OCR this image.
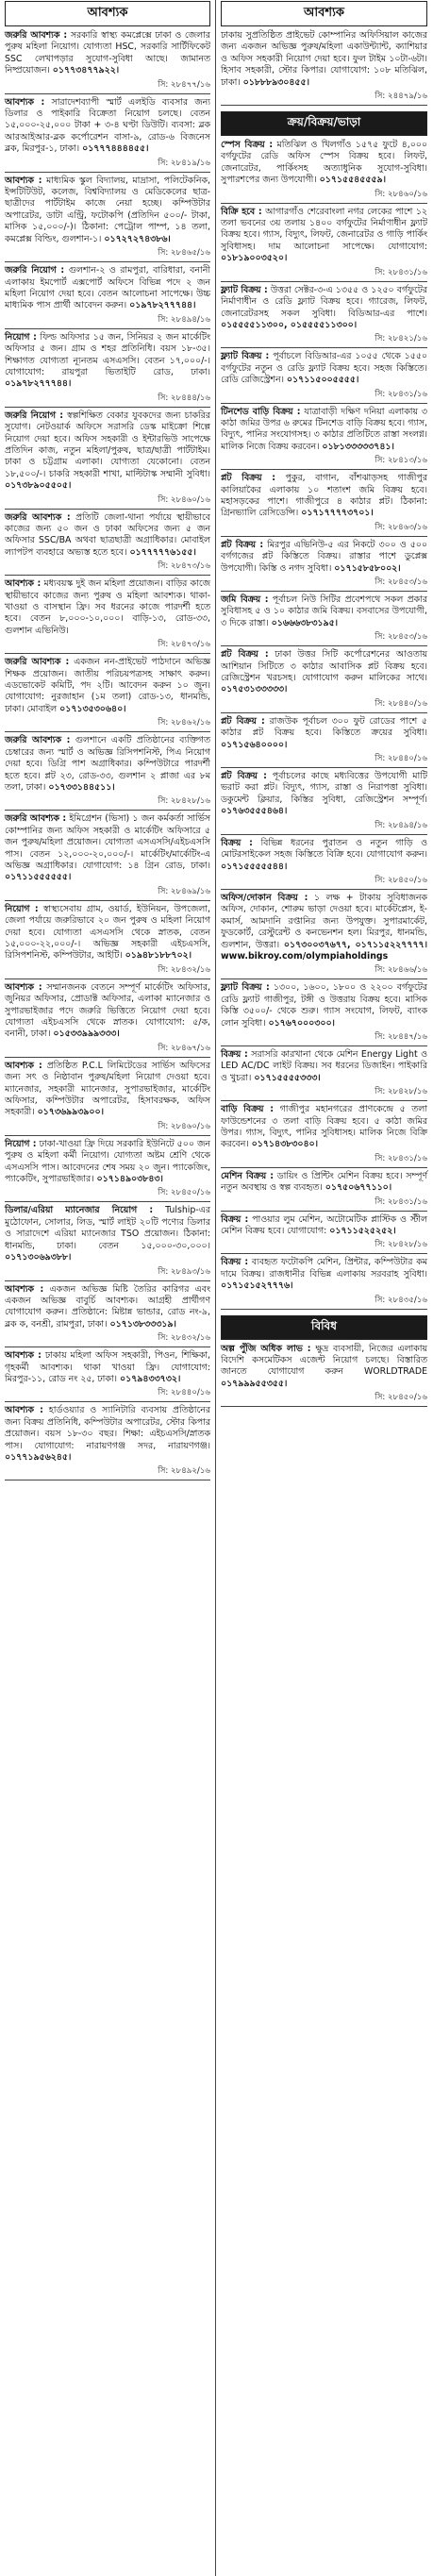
আবশ্যক
জরুরি আবশ্যক : সরকারি স্বাস্থ্য কমপ্লেক্সে ঢাকা ও জেলার পুরুষ মহিলা নিয়োগ। যোগ্যতা HSC, সরকারি সার্টিফিকেট SSC লেখাপড়ার সুযোগ-সুবিধা আছে। জামানত নিষ্প্রয়োজন। ০১৭৭৩৪৭৭৯২২।
সি: ২৮৪৭৭/১৬
আবশ্যক : সারাদেশব্যাপী স্মার্ট এলইডি ব্যবসার জন্য ডিলার ও পাইকারি বিক্রেতা নিয়োগ চলছে। বেতন ১৫,০০০-২৫,০০০ টাকা + ৩-৪ ঘণ্টা ডিউটি। ব্যবসা: ব্লক আরআইআর-ব্লক কর্পোরেশন বাসা-৯, রোড-৬ বিজনেস ব্লক, মিরপুর-১, ঢাকা। ০১৭৭৭৪৪৪৪৫৫।
সি: ২৮৪১৯/১৬
আবশ্যক : মাধ্যমিক স্কুল বিদ্যালয়, মাদ্রাসা, পলিটেকনিক, ইন্সটিটিউট, কলেজ, বিশ্ববিদ্যালয় ও মেডিকেলের ছাত্র-ছাত্রীদের পার্টটাইম কাজে নেয়া হচ্ছে। কম্পিউটার অপারেটর, ডাটা এন্ট্রি, ফটোকপি (প্রতিদিন ৫০০/- টাকা, মাসিক ১৫,০০০/-)। ঠিকানা: পেট্রোল পাম্প, ১৪ তলা, কমপ্লেক্স বিল্ডিং, গুলশান-১। ০১৭২৭২৭৪৩৮৬।
সি: ২৮৪৬৫/১৬
জরুরি নিয়োগ : গুলশান-২ ও রামপুরা, বারিধারা, বনানী এলাকায় ইমপোর্ট এক্সপোর্ট অফিসে বিভিন্ন পদে ২ জন মহিলা নিয়োগ দেয়া হবে। বেতন আলোচনা সাপেক্ষে। উচ্চ মাধ্যমিক পাস প্রার্থী আবেদন করুন। ০১৯৭৮২৭৭৭৪৪।
সি: ২৮৪৯৪/১৬
নিয়োগ : ফিল্ড অফিসার ১৫ জন, সিনিয়র ২ জন মার্কেটিং অফিসার ৫ জন। গ্রাম ও শহর প্রতিনিধি। বয়স ১৮-৩৫। শিক্ষাগত যোগ্যতা ন্যূনতম এসএসসি। বেতন ১৭,০০০/-। যোগাযোগ: রায়পুরা ভিতাইটি রোড, ঢাকা। ০১৯৭৮২৭৭৭৪৪।
সি: ২৮৪৪৪/১৬
জরুরি নিয়োগ : স্বল্পশিক্ষিত বেকার যুবকদের জন্য চাকরির সুযোগ। নেটওয়ার্ক অফিসে সরাসরি ডেস্ক মাইক্রো শিল্পে নিয়োগ দেয়া হবে। অফিস সহকারী ও ইন্টারভিউ সাপেক্ষে প্রতিদিন কাজ, নতুন মহিলা/পুরুষ, ছাত্র/ছাত্রী পার্টটাইম। ঢাকা ও চট্টগ্রাম এলাকা। যোগ্যতা যেকোনো। বেতন ১৮,৫০০/-। চাকরি সহকারী শাখা, মাল্টিটাস্ক সম্মানী সুবিধা। ০১৭৩৮৯০৫৫০৫।
সি: ২৮৪৬০/১৬
জরুরি আবশ্যক : প্রতিটি জেলা-থানা পর্যায়ে স্থায়ীভাবে কাজের জন্য ৫০ জন ও ঢাকা অফিসের জন্য ৫ জন অফিসার SSC/BA অথবা ছাত্রছাত্রী অগ্রাধিকার। মোবাইল ল্যাপটপ ব্যবহারে অভ্যস্ত হতে হবে। ০১৭৭৭৭৭৬১৫৫।
সি: ২৮৪৭৩/১৬
আবশ্যক : মধ্যবয়স্ক দুই জন মহিলা প্রয়োজন। বাড়ির কাজে স্থায়ীভাবে কাজের জন্য পুরুষ ও মহিলা আবশ্যক। থাকা-খাওয়া ও বাসস্থান ফ্রি। সব ধরনের কাজে পারদর্শী হতে হবে। বেতন ৮,০০০-১০,০০০। বাড়ি-১৩, রোড-৩৩, গুলশান এভিনিউ।
সি: ২৮৪৭৩/১৬
জরুরি আবশ্যক : একজন নন-প্রাইভেট পাঠদানে অভিজ্ঞ শিক্ষক প্রয়োজন। জাতীয় পরিচয়পত্রসহ সাক্ষাৎ করুন। এডভোকেট কমিটি, পদ ২টি। আবেদন করুন ১০ জুন। যোগাযোগ: নুরজাহান (১ম তলা) রোড-১৩, ধানমন্ডি, ঢাকা। মোবাইল ০১৭১৩৫৩০৬৪০।
সি: ২৮৪৬২/১৬
জরুরি আবশ্যক : গুলশানে একটি প্রতিষ্ঠানের ব্যক্তিগত চেম্বারের জন্য স্মার্ট ও অভিজ্ঞ রিসিপশনিস্ট, পিএ নিয়োগ দেয়া হবে। ডিগ্রি পাশ অগ্রাধিকার। কম্পিউটারে পারদর্শী হতে হবে। প্লট ২৩, রোড-৩৩, গুলশান ২ প্লাজা এর ৮ম তলা, ঢাকা। ০১৭৩৩১৪৪৫১১।
সি: ২৮৪২৮/১৬
জরুরি আবশ্যক : ইমিগ্রেশন (ভিসা) ১ জন কর্মকর্তা সার্ভিস কোম্পানির জন্য অফিস সহকারী ও মার্কেটিং অফিসারে ৫ জন পুরুষ/মহিলা প্রয়োজন। যোগ্যতা এসএসসি/এইচএসসি পাস। বেতন ১২,০০০-২০,০০০/-। মার্কেটিং/মার্কেটিং-এ অভিজ্ঞ অগ্রাধিকার। যোগাযোগ: ১৪ গ্রিন রোড, ঢাকা। ০১৭১১৫৫৫৫৫৫।
সি: ২৮৪৬৯/১৬
নিয়োগ : স্বাস্থ্যসেবায় গ্রাম, ওয়ার্ড, ইউনিয়ন, উপজেলা, জেলা পর্যায়ে জরুরিভাবে ২০ জন পুরুষ ও মহিলা নিয়োগ দেয়া হবে। যোগ্যতা এসএসসি থেকে স্নাতক, বেতন ১৫,০০০-২২,০০০/-। অভিজ্ঞ সহকারী এইচএসসি, রিসিপশনিস্ট, কম্পিউটার, আইটি। ০১৯৪৮১৮৮৭০২।
সি: ২৮৪৩২/১৬
আবশ্যক : সম্মানজনক বেতনে সম্পূর্ণ মার্কেটিং অফিসার, জুনিয়র অফিসার, প্রোডাক্ট অফিসার, এলাকা ম্যানেজার ও সুপারভাইজার পদে জরুরি ভিত্তিতে নিয়োগ দেয়া হবে। যোগ্যতা এইচএসসি থেকে স্নাতক। যোগাযোগ: ৫/ক, বনানী, ঢাকা। ০১৫৩৩৯৯৯৩৩৩।
সি: ২৮৪৬৭/১৬
আবশ্যক : প্রতিষ্ঠিত P.C.L লিমিটেডের সার্ভিস অফিসের জন্য সৎ ও নিষ্ঠাবান পুরুষ/মহিলা নিয়োগ দেওয়া হবে। ম্যানেজার, সহকারী ম্যানেজার, সুপারভাইজার, মার্কেটিং অফিসার, কম্পিউটার অপারেটর, হিসাবরক্ষক, অফিস সহকারী। ০১৭৩৬৯৯৩৯০০।
সি: ২৮৪৬০/১৬
নিয়োগ : ঢাকা-খাওয়া ফ্রি দিয়ে সরকারি ইউনিটে ৫০০ জন পুরুষ ও মহিলা কর্মী নিয়োগ। যোগ্যতা অষ্টম শ্রেণি থেকে এসএসসি পাস। আবেদনের শেষ সময় ২০ জুন। প্যাকেজিং, প্যাকেটিং, সুপারভাইজার। ০১৭১৪৯০৩৮৪৩।
সি: ২৮৪৫০/১৬
ডিলার/এরিয়া ম্যানেজার নিয়োগ : Tulship-এর মুঠোফোন, সোলার, লিড, স্মার্ট লাইট ২০টি পণ্যের ডিলার ও সারাদেশে এরিয়া ম্যানেজার TSO প্রয়োজন। ঠিকানা: ধানমন্ডি, ঢাকা। বেতন ১৫,০০০-৩০,০০০। ০১৭১৩০৬৯৩৮৮।
সি: ২৮৪৯৩/১৬
আবশ্যক : একজন অভিজ্ঞ মিষ্টি তৈরির কারিগর এবং একজন অভিজ্ঞ বাবুর্চি আবশ্যক। আগ্রহী প্রার্থীগণ যোগাযোগ করুন। প্রতিষ্ঠানে: মিষ্টান্ন ভান্ডার, রোড নং-৯, ব্লক ক, বনশ্রী, রামপুরা, ঢাকা। ০১৭১৩৮৩৩৩১৯।
সি: ২৮৪৩২/১৬
আবশ্যক : ঢাকায় মহিলা অফিস সহকারী, পিওন, শিক্ষিকা, গৃহকর্মী আবশ্যক। থাকা খাওয়া ফ্রি। যোগাযোগ: মিরপুর-১১, রোড নং ২৫, ঢাকা। ০১৭৯৪৩৩৭৩২।
সি: ২৮৪৪০/১৬
আবশ্যক : হার্ডওয়্যার ও স্যানিটারি ব্যবসায় প্রতিষ্ঠানের জন্য বিক্রয় প্রতিনিধি, কম্পিউটার অপারেটর, স্টোর কিপার প্রয়োজন। বয়স ১৮-৩০ বছর। শিক্ষা: এইচএসসি/স্নাতক পাস। যোগাযোগ: নারায়ণগঞ্জ সদর, নারায়ণগঞ্জ। ০১৭৭১৯৫৬২৪৫।
সি: ২৮৪৯২/১৬
আবশ্যক
ঢাকায় সুপ্রতিষ্ঠিত প্রাইভেট কোম্পানির অফিসিয়াল কাজের জন্য একজন অভিজ্ঞ পুরুষ/মহিলা একাউন্ট্যান্ট, ক্যাশিয়ার ও অফিস সহকারী নিয়োগ দেয়া হবে। ফুল টাইম ১০টা-৬টা। হিসাব সহকারী, স্টোর কিপার। যোগাযোগ: ১০৮ মতিঝিল, ঢাকা। ০১৮৮৮৯৩০৪৫৫।
সি: ২৪৪৭৯/১৬
ক্রয়/বিক্রয়/ভাড়া
স্পেস বিক্রয় : মতিঝিল ও খিলগাঁও ১৫৭৫ ফুটে ৪,০০০ বর্গফুটের রেডি অফিস স্পেস বিক্রয় হবে। লিফট, জেনারেটর, পার্কিংসহ অত্যাধুনিক সুযোগ-সুবিধা। সুপারশপের জন্য উপযোগী। ০১৭১৫৫৪৫৫৫৯।
সি: ২৮৪৬০/১৬
বিক্রি হবে : আগারগাঁও শেরেবাংলা নগর লেকের পাশে ১২ তলা ভবনের ৩য় তলায় ১৪০০ বর্গফুটের নির্মাণাধীন ফ্ল্যাট বিক্রয় হবে। গ্যাস, বিদ্যুৎ, লিফট, জেনারেটর ও গাড়ি পার্কিং সুবিধাসহ। দাম আলোচনা সাপেক্ষে। যোগাযোগ: ০১৮১৯০০৩৫২০।
সি: ২৮৪৩১/১৬
ফ্ল্যাট বিক্রয় : উত্তরা সেক্টর-৩-এ ১৩৫৫ ও ১২৫০ বর্গফুটের নির্মাণাধীন ও রেডি ফ্ল্যাট বিক্রয় হবে। গ্যারেজ, লিফট, জেনারেটরসহ সকল সুবিধা। বিডিআর-এর পাশে। ০১৫৫৫৫১১৩০০, ০১৫৫৫৫১১৩০০।
সি: ২৮৪২১/১৬
ফ্ল্যাট বিক্রয় : পূর্বাচলে বিডিআর-এর ১০৫৫ থেকে ১৫৫০ বর্গফুটের নতুন ও রেডি ফ্ল্যাট বিক্রয় হবে। সহজ কিস্তিতে। রেডি রেজিস্ট্রেশন। ০১৭১১৫০০৫৫৫৫।
সি: ২৮৪৩১/১৬
টিনশেড বাড়ি বিক্রয় : যাত্রাবাড়ী দক্ষিণ দনিয়া এলাকায় ৩ কাঠা জমির উপর ৬ রুমের টিনশেড বাড়ি বিক্রয় হবে। গ্যাস, বিদ্যুৎ, পানির সংযোগসহ। ৩ কাঠার প্রতিটিতে রাস্তা সংলগ্ন। মালিক নিজে বিক্রয় করবেন। ০১৮১৩৩৩৩৩৭৪১।
সি: ২৮৪১৩/১৬
প্লট বিক্রয় : পুকুর, বাগান, বাঁশঝাড়সহ গাজীপুর কালিয়াকৈর এলাকায় ১০ শতাংশ জমি বিক্রয় হবে। মহাসড়কের পাশে। গাজীপুরে ৪ কাঠার প্লট। ঠিকানা: গ্রিনভ্যালি রেসিডেন্সি। ০১৭১৭৭৭৭৩৭০১।
সি: ২৮৪৬৩/১৬
প্লট বিক্রয় : মিরপুর এভিনিউ-৫ এর নিকটে ৩০০ ও ৫০০ বর্গগজের প্লট কিস্তিতে বিক্রয়। রাস্তার পাশে ডুপ্লেক্স উপযোগী। কিস্তি ও নগদ সুবিধা। ০১৭১৫৮৫৮০০২।
সি: ২৮৪৫৩/১৬
জমি বিক্রয় : পূর্বাচল নিউ সিটির প্রবেশপথে সকল প্রকার সুবিধাসহ ৫ ও ১০ কাঠার জমি বিক্রয়। বসবাসের উপযোগী, ৩ দিকে রাস্তা। ০১৬৬৬৩৮৩১৯৫।
সি: ২৮৪৫৩/১৬
প্লট বিক্রয় : ঢাকা উত্তর সিটি কর্পোরেশনের আওতায় আশিয়ান সিটিতে ৩ কাঠার আবাসিক প্লট বিক্রয় হবে। রেজিস্ট্রেশন খরচসহ। যোগাযোগ করুন মালিকের সাথে। ০১৭৫৩১৩৩৩৩৩।
সি: ২৮৪৪০/১৬
প্লট বিক্রয় : রাজউক পূর্বাচল ৩০০ ফুট রোডের পাশে ৫ কাঠার প্লট বিক্রয় হবে। কিস্তিতে ক্রয়ের সুবিধা। ০১৭১৫৬৪০০০০।
সি: ২৮৪৪০/১৬
প্লট বিক্রয় : পূর্বাচলের কাছে মধ্যবিত্তের উপযোগী মাটি ভরাট করা প্লট। বিদ্যুৎ, গ্যাস, রাস্তা ও নিরাপত্তা সুবিধা। ডকুমেন্ট ক্লিয়ার, কিস্তির সুবিধা, রেজিস্ট্রেশন সম্পূর্ণ। ০১৭৬৩৫৫৫৪৬৪।
সি: ২৮৪৯৪/১৬
বিক্রয় : বিভিন্ন ধরনের পুরাতন ও নতুন গাড়ি ও মোটরসাইকেল সহজ কিস্তিতে বিক্রি হবে। যোগাযোগ করুন। ০১৭১৫৫৫৫৫৪৪।
সি: ২৮৪৫০/১৬
অফিস/দোকান বিক্রয় : ১ লক্ষ + টাকায় সুবিধাজনক অফিস, দোকান, শোরুম ভাড়া দেওয়া হবে। মার্কেটপ্লেস, ই-কমার্স, আমদানি রপ্তানির জন্য উপযুক্ত। সুপারমার্কেট, ফুডকোর্ট, রেস্টুরেন্ট ও কনভেনশন হল। মিরপুর, ধানমন্ডি, গুলশান, উত্তরা। ০১৭৩০০৩৭৬৭৭, ০১৭১১৫২২৭৭৭৭। www.bikroy.com/olympiaholdings
সি: ২৮৪৬৬/১৬
ফ্ল্যাট বিক্রয় : ১৩০০, ১৬০০, ১৮০০ ও ২২০০ বর্গফুটের রেডি ফ্ল্যাট গাজীপুর, টঙ্গী ও উত্তরায় বিক্রয় হবে। মাসিক কিস্তি ৩৫০০/- থেকে শুরু। গ্যাস সংযোগ, লিফট, ব্যাংক লোন সুবিধা। ০১৭৬৭০০০৩০০।
সি: ২৮৪৪৭/১৬
বিক্রয় : সরাসরি কারখানা থেকে মেশিন Energy Light ও LED AC/DC লাইট বিক্রয়। সব ধরনের ডিজাইন। পাইকারি ও খুচরা। ০১৭১৫৫৫৫৩৩৩।
সি: ২৮৪২৮/১৬
বাড়ি বিক্রয় : গাজীপুর মহানগরের প্রাণকেন্দ্রে ৫ তলা ফাউন্ডেশনের ৩ তলা বাড়ি বিক্রয় হবে। ৫ কাঠা জমির উপর। গ্যাস, বিদ্যুৎ, পানির সুবিধাসহ। মালিক নিজে বিক্রি করবেন। ০১৭১৪৩৮৩০৪০।
সি: ২৮৪৩১/১৬
মেশিন বিক্রয় : ডায়িং ও প্রিন্টিং মেশিন বিক্রয় হবে। সম্পূর্ণ নতুন অবস্থায় ও স্বল্প ব্যবহৃত। ০১৭৫০৬৭৭১১০।
সি: ২৮৪৩১/১৬
বিক্রয় : পাওয়ার লুম মেশিন, অটোমেটিক প্লাস্টিক ও স্টীল মেশিন বিক্রয় হবে। যোগাযোগ: ০১৭১১৫২৫২৫২।
সি: ২৮৪২৮/১৬
বিক্রয় : ব্যবহৃত ফটোকপি মেশিন, প্রিন্টার, কম্পিউটার কম দামে বিক্রয়। রাজধানীর বিভিন্ন এলাকায় সরবরাহ সুবিধা। ০১৭১৫১৫২৭৭৭৬।
সি: ২৮৪৩৫/১৬
বিবিধ
অল্প পুঁজি অধিক লাভ : ক্ষুদ্র ব্যবসায়ী, নিজের এলাকায় বিদেশি কসমেটিকস এজেন্ট নিয়োগ চলছে। বিস্তারিত জানতে যোগাযোগ করুন WORLDTRADE ০১৭৯৯৯৫৫৩৫৫।
সি: ২৮৪৫০/১৬
